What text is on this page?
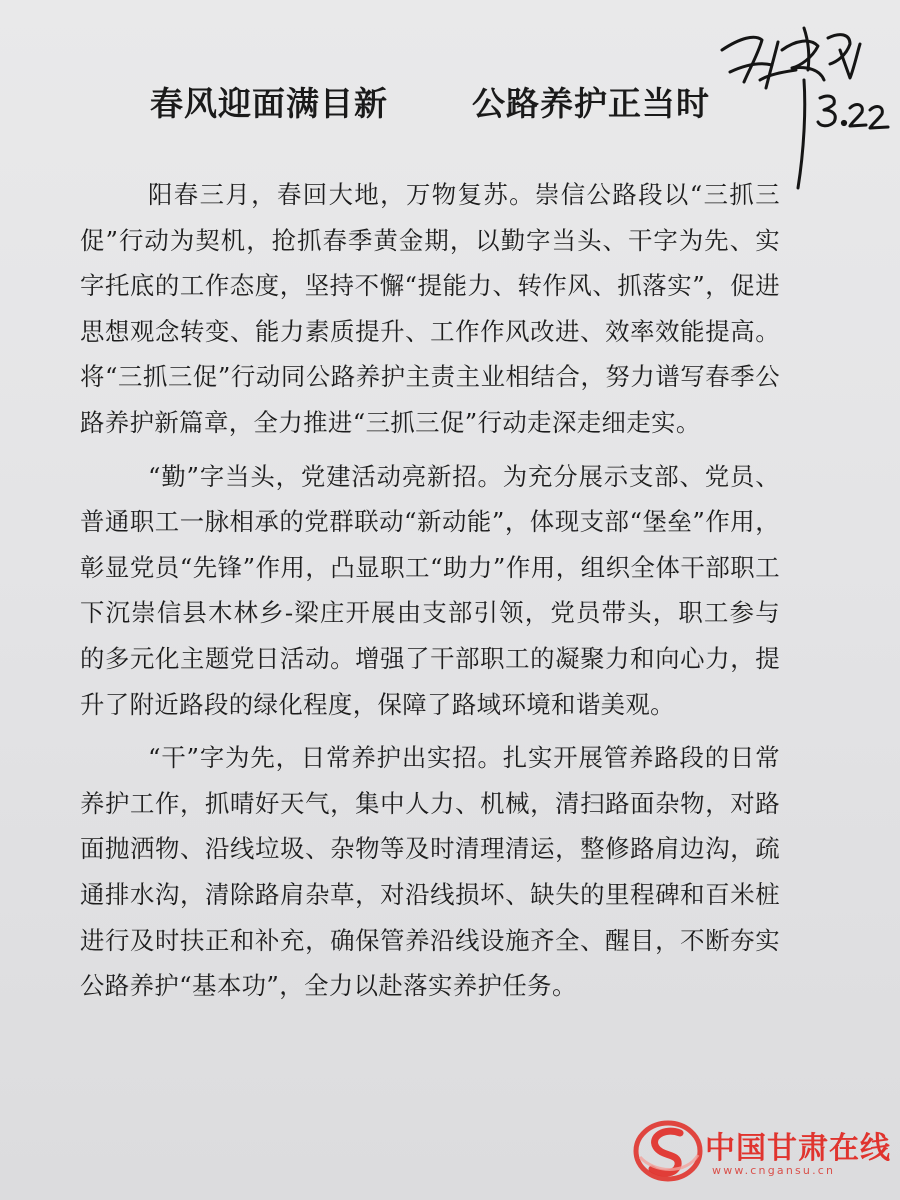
春风迎面满目新	公路养护正当时

阳春三月，春回大地，万物复苏。崇信公路段以“三抓三促”行动为契机，抢抓春季黄金期，以勤字当头、干字为先、实字托底的工作态度，坚持不懈“提能力、转作风、抓落实”，促进思想观念转变、能力素质提升、工作作风改进、效率效能提高。将“三抓三促”行动同公路养护主责主业相结合，努力谱写春季公路养护新篇章，全力推进“三抓三促”行动走深走细走实。

“勤”字当头，党建活动亮新招。为充分展示支部、党员、普通职工一脉相承的党群联动“新动能”，体现支部“堡垒”作用，彰显党员“先锋”作用，凸显职工“助力”作用，组织全体干部职工下沉崇信县木林乡-梁庄开展由支部引领，党员带头，职工参与的多元化主题党日活动。增强了干部职工的凝聚力和向心力，提升了附近路段的绿化程度，保障了路域环境和谐美观。

“干”字为先，日常养护出实招。扎实开展管养路段的日常养护工作，抓晴好天气，集中人力、机械，清扫路面杂物，对路面抛洒物、沿线垃圾、杂物等及时清理清运，整修路肩边沟，疏通排水沟，清除路肩杂草，对沿线损坏、缺失的里程碑和百米桩进行及时扶正和补充，确保管养沿线设施齐全、醒目，不断夯实公路养护“基本功”，全力以赴落实养护任务。

中国甘肃在线
www.cngansu.cn
